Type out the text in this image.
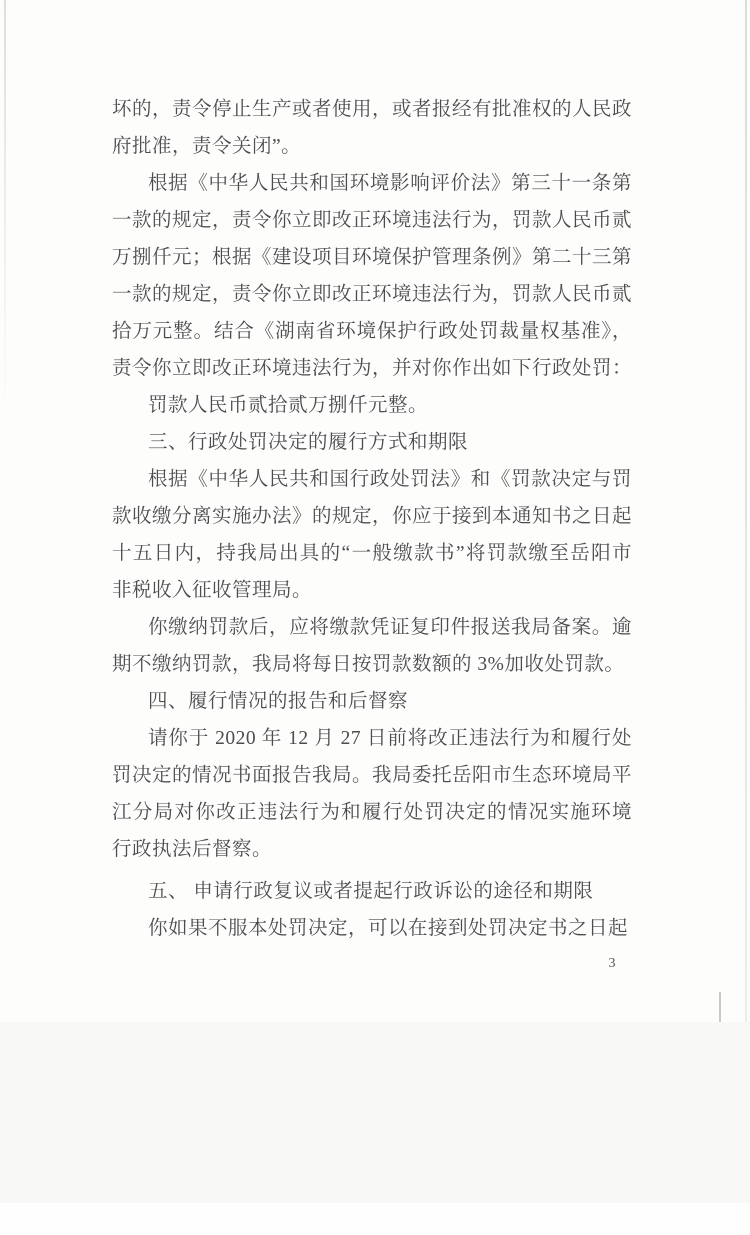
坏的，责令停止生产或者使用，或者报经有批准权的人民政
府批准，责令关闭”。
根据《中华人民共和国环境影响评价法》第三十一条第
一款的规定，责令你立即改正环境违法行为，罚款人民币贰
万捌仟元；根据《建设项目环境保护管理条例》第二十三第
一款的规定，责令你立即改正环境违法行为，罚款人民币贰
拾万元整。结合《湖南省环境保护行政处罚裁量权基准》，
责令你立即改正环境违法行为，并对你作出如下行政处罚：
罚款人民币贰拾贰万捌仟元整。
三、行政处罚决定的履行方式和期限
根据《中华人民共和国行政处罚法》和《罚款决定与罚
款收缴分离实施办法》的规定，你应于接到本通知书之日起
十五日内，持我局出具的“一般缴款书”将罚款缴至岳阳市
非税收入征收管理局。
你缴纳罚款后，应将缴款凭证复印件报送我局备案。逾
期不缴纳罚款，我局将每日按罚款数额的 3%加收处罚款。
四、履行情况的报告和后督察
请你于 2020 年 12 月 27 日前将改正违法行为和履行处
罚决定的情况书面报告我局。我局委托岳阳市生态环境局平
江分局对你改正违法行为和履行处罚决定的情况实施环境
行政执法后督察。
五、 申请行政复议或者提起行政诉讼的途径和期限
你如果不服本处罚决定，可以在接到处罚决定书之日起
3
